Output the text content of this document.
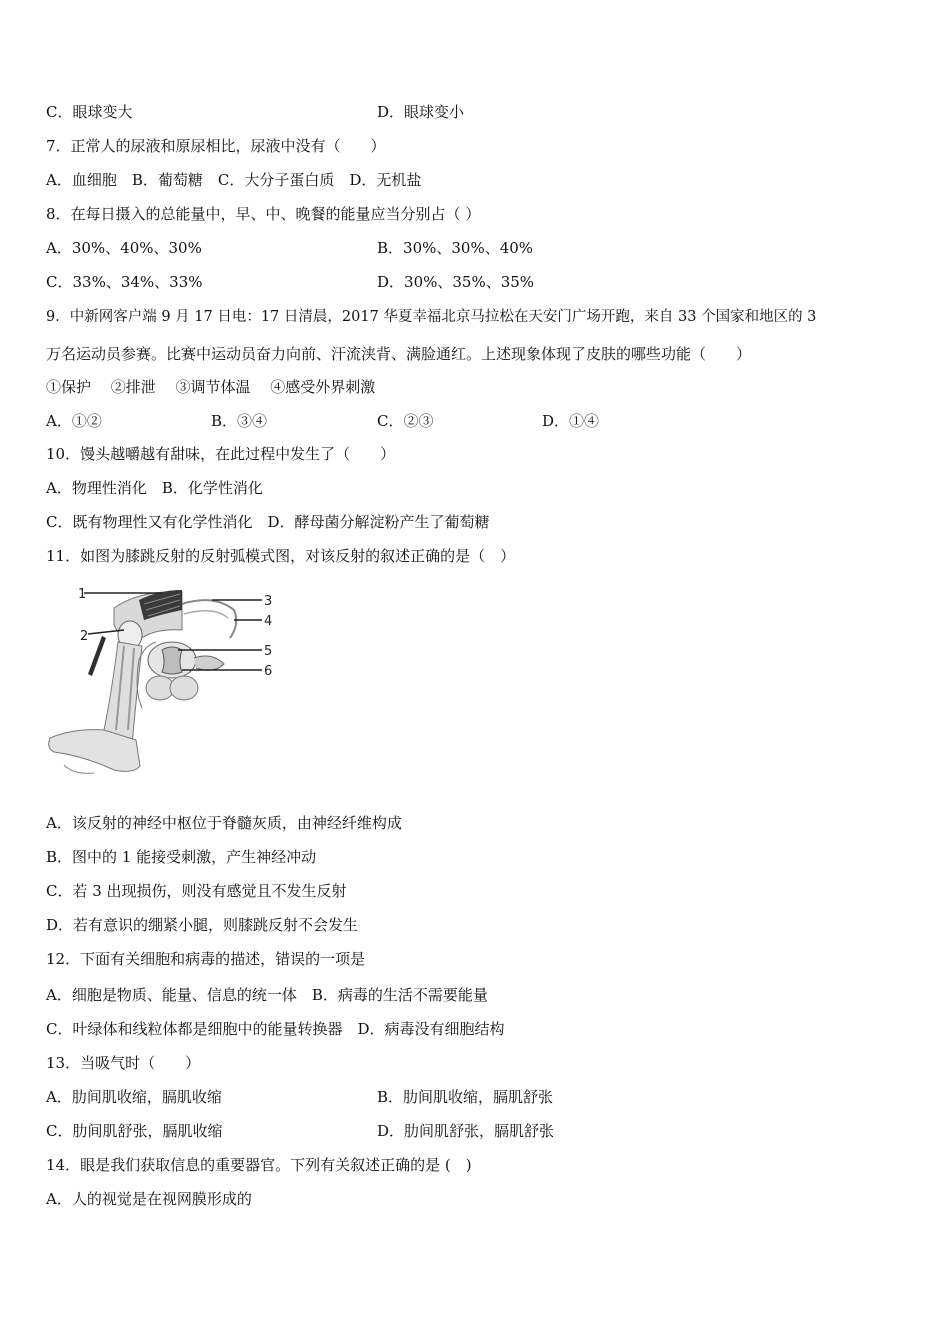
C．眼球变大	D．眼球变小
7．正常人的尿液和原尿相比，尿液中没有（　　）
A．血细胞　B．葡萄糖　C．大分子蛋白质　D．无机盐
8．在每日摄入的总能量中，早、中、晚餐的能量应当分别占（ ）
A．30%、40%、30%	B．30%、30%、40%
C．33%、34%、33%	D．30%、35%、35%
9．中新网客户端 9 月 17 日电：17 日清晨，2017 华夏幸福北京马拉松在天安门广场开跑，来自 33 个国家和地区的 3
万名运动员参赛。比赛中运动员奋力向前、汗流浃背、满脸通红。上述现象体现了皮肤的哪些功能（　　）
①保护　 ②排泄　 ③调节体温　 ④感受外界刺激
A．①②	B．③④	C．②③	D．①④
10．馒头越嚼越有甜味，在此过程中发生了（　　）
A．物理性消化　B．化学性消化
C．既有物理性又有化学性消化　D．酵母菌分解淀粉产生了葡萄糖
11．如图为膝跳反射的反射弧模式图，对该反射的叙述正确的是（　）
1
2
3
4
5
6
A．该反射的神经中枢位于脊髓灰质，由神经纤维构成
B．图中的 1 能接受刺激，产生神经冲动
C．若 3 出现损伤，则没有感觉且不发生反射
D．若有意识的绷紧小腿，则膝跳反射不会发生
12．下面有关细胞和病毒的描述，错误的一项是
A．细胞是物质、能量、信息的统一体　B．病毒的生活不需要能量
C．叶绿体和线粒体都是细胞中的能量转换器　D．病毒没有细胞结构
13．当吸气时（　　）
A．肋间肌收缩，膈肌收缩	B．肋间肌收缩，膈肌舒张
C．肋间肌舒张，膈肌收缩	D．肋间肌舒张，膈肌舒张
14．眼是我们获取信息的重要器官。下列有关叙述正确的是 (　)
A．人的视觉是在视网膜形成的
